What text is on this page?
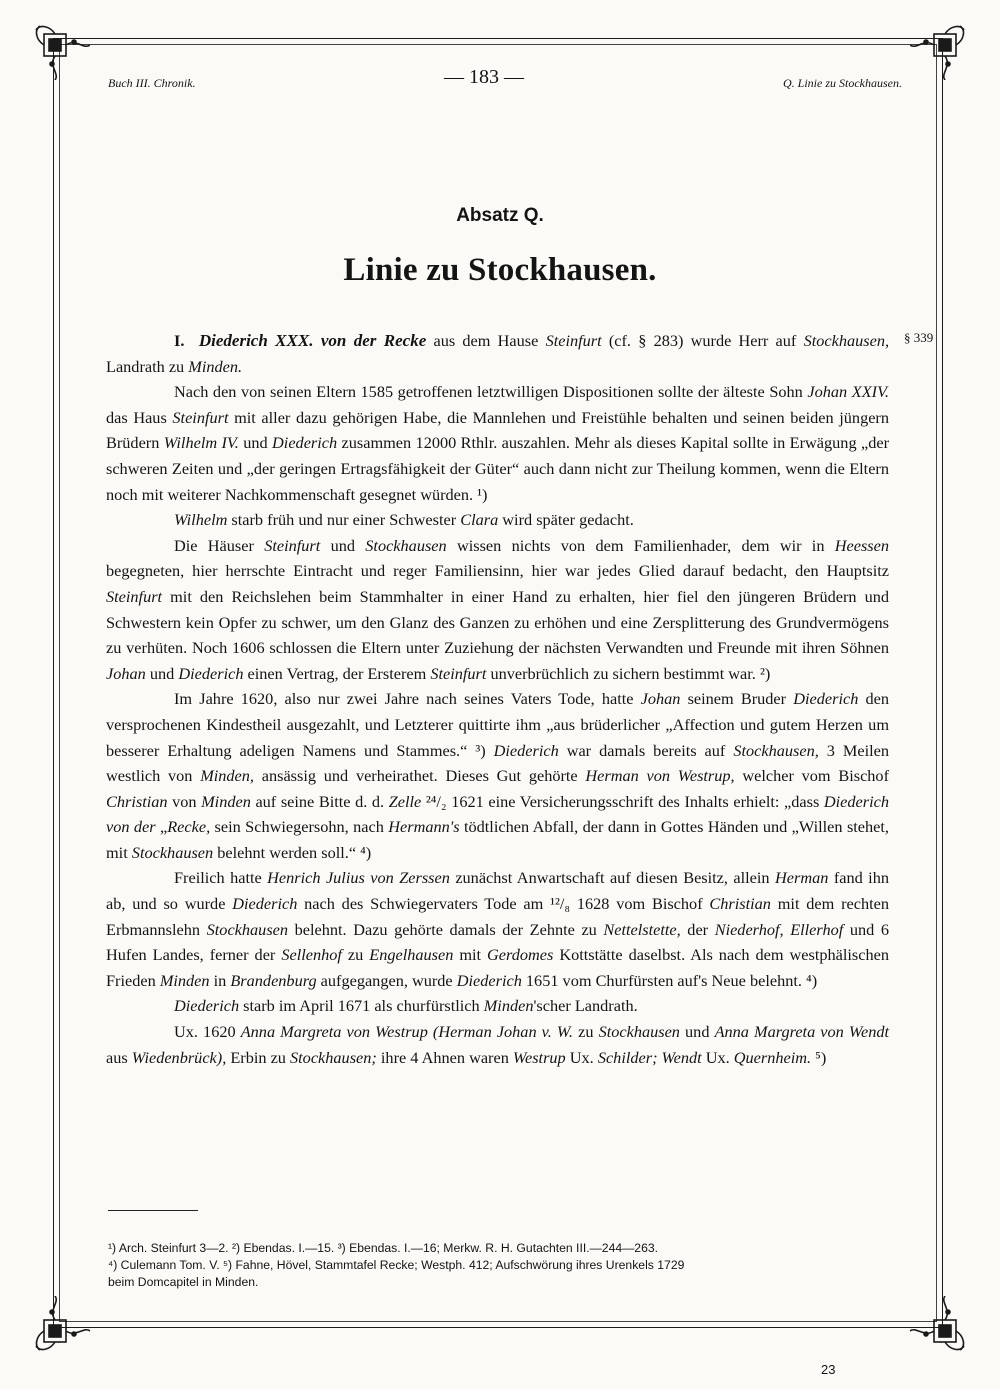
Buch III. Chronik.	— 183 —	Q. Linie zu Stockhausen.
Absatz Q.
Linie zu Stockhausen.
§ 339

I. Diederich XXX. von der Recke aus dem Hause Steinfurt (cf. § 283) wurde Herr auf Stockhausen, Landrath zu Minden.

Nach den von seinen Eltern 1585 getroffenen letztwilligen Dispositionen sollte der älteste Sohn Johan XXIV. das Haus Steinfurt mit aller dazu gehörigen Habe, die Mannlehen und Freistühle behalten und seinen beiden jüngern Brüdern Wilhelm IV. und Diederich zusammen 12000 Rthlr. auszahlen. Mehr als dieses Kapital sollte in Erwägung „der schweren Zeiten und „der geringen Ertragsfähigkeit der Güter“ auch dann nicht zur Theilung kommen, wenn die Eltern noch mit weiterer Nachkommenschaft gesegnet würden. ¹)

Wilhelm starb früh und nur einer Schwester Clara wird später gedacht.

Die Häuser Steinfurt und Stockhausen wissen nichts von dem Familienhader, dem wir in Heessen begegneten, hier herrschte Eintracht und reger Familiensinn, hier war jedes Glied darauf bedacht, den Hauptsitz Steinfurt mit den Reichslehen beim Stammhalter in einer Hand zu erhalten, hier fiel den jüngeren Brüdern und Schwestern kein Opfer zu schwer, um den Glanz des Ganzen zu erhöhen und eine Zersplitterung des Grundvermögens zu verhüten. Noch 1606 schlossen die Eltern unter Zuziehung der nächsten Verwandten und Freunde mit ihren Söhnen Johan und Diederich einen Vertrag, der Ersterem Steinfurt unverbrüchlich zu sichern bestimmt war. ²)

Im Jahre 1620, also nur zwei Jahre nach seines Vaters Tode, hatte Johan seinem Bruder Diederich den versprochenen Kindestheil ausgezahlt, und Letzterer quittirte ihm „aus brüderlicher „Affection und gutem Herzen um besserer Erhaltung adeligen Namens und Stammes.“ ³) Diederich war damals bereits auf Stockhausen, 3 Meilen westlich von Minden, ansässig und verheirathet. Dieses Gut gehörte Herman von Westrup, welcher vom Bischof Christian von Minden auf seine Bitte d. d. Zelle ²⁴/₂ 1621 eine Versicherungsschrift des Inhalts erhielt: „dass Diederich von der „Recke, sein Schwiegersohn, nach Hermann's tödtlichen Abfall, der dann in Gottes Händen und „Willen stehet, mit Stockhausen belehnt werden soll.“ ⁴)

Freilich hatte Henrich Julius von Zerssen zunächst Anwartschaft auf diesen Besitz, allein Herman fand ihn ab, und so wurde Diederich nach des Schwiegervaters Tode am ¹²/₈ 1628 vom Bischof Christian mit dem rechten Erbmannslehn Stockhausen belehnt. Dazu gehörte damals der Zehnte zu Nettelstette, der Niederhof, Ellerhof und 6 Hufen Landes, ferner der Sellenhof zu Engelhausen mit Gerdomes Kottstätte daselbst. Als nach dem westphälischen Frieden Minden in Brandenburg aufgegangen, wurde Diederich 1651 vom Churfürsten auf's Neue belehnt. ⁴)

Diederich starb im April 1671 als churfürstlich Minden'scher Landrath.

Ux. 1620 Anna Margreta von Westrup (Herman Johan v. W. zu Stockhausen und Anna Margreta von Wendt aus Wiedenbrück), Erbin zu Stockhausen; ihre 4 Ahnen waren Westrup Ux. Schilder; Wendt Ux. Quernheim. ⁵)

¹) Arch. Steinfurt 3—2. ²) Ebendas. I.—15. ³) Ebendas. I.—16; Merkw. R. H. Gutachten III.—244—263.
⁴) Culemann Tom. V. ⁵) Fahne, Hövel, Stammtafel Recke; Westph. 412; Aufschwörung ihres Urenkels 1729
beim Domcapitel in Minden.
23
